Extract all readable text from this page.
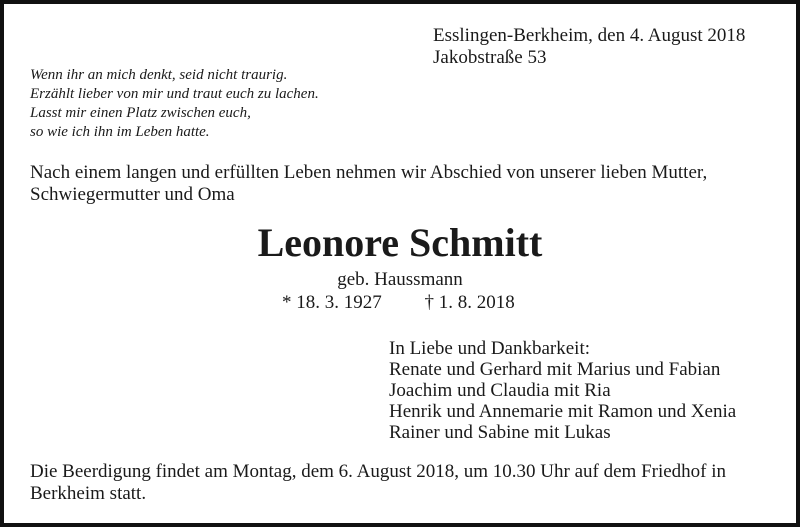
Esslingen-Berkheim, den 4. August 2018
Jakobstraße 53
Wenn ihr an mich denkt, seid nicht traurig.
Erzählt lieber von mir und traut euch zu lachen.
Lasst mir einen Platz zwischen euch,
so wie ich ihn im Leben hatte.
Nach einem langen und erfüllten Leben nehmen wir Abschied von unserer lieben Mutter, Schwiegermutter und Oma
Leonore Schmitt
geb. Haussmann
* 18. 3. 1927 † 1. 8. 2018
In Liebe und Dankbarkeit:
Renate und Gerhard mit Marius und Fabian
Joachim und Claudia mit Ria
Henrik und Annemarie mit Ramon und Xenia
Rainer und Sabine mit Lukas
Die Beerdigung findet am Montag, dem 6. August 2018, um 10.30 Uhr auf dem Friedhof in Berkheim statt.
